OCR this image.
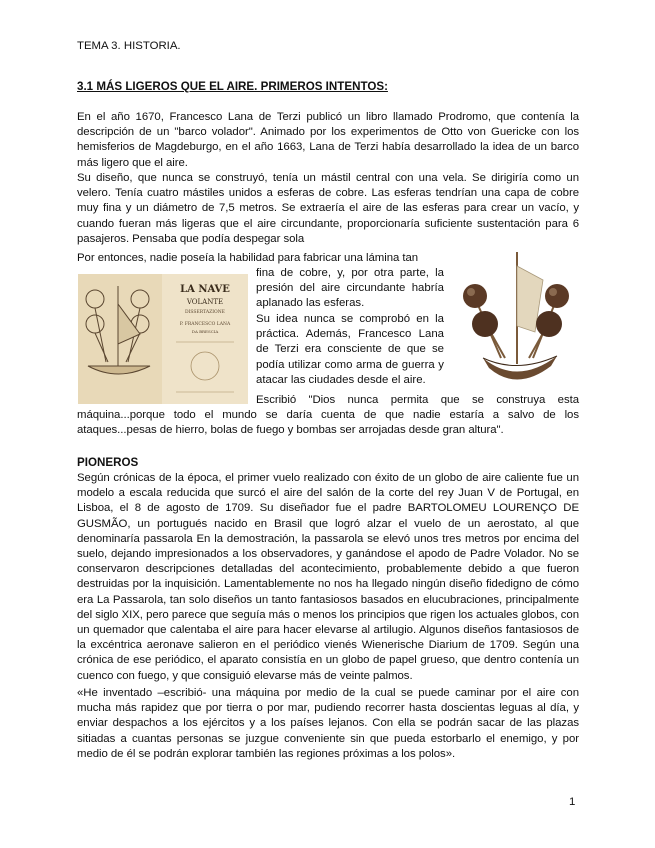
TEMA 3. HISTORIA.
3.1 MÁS LIGEROS QUE EL AIRE. PRIMEROS INTENTOS:
En el año 1670, Francesco Lana de Terzi publicó un libro llamado Prodromo, que contenía la descripción de un "barco volador". Animado por los experimentos de Otto von Guericke con los hemisferios de Magdeburgo, en el año 1663, Lana de Terzi había desarrollado la idea de un barco más ligero que el aire.
Su diseño, que nunca se construyó, tenía un mástil central con una vela. Se dirigiría como un velero. Tenía cuatro mástiles unidos a esferas de cobre. Las esferas tendrían una capa de cobre muy fina y un diámetro de 7,5 metros. Se extraería el aire de las esferas para crear un vacío, y cuando fueran más ligeras que el aire circundante, proporcionaría suficiente sustentación para 6 pasajeros. Pensaba que podía despegar sola
Por entonces, nadie poseía la habilidad para fabricar una lámina tan
LA NAVE
VOLANTE
DISSERTAZIONE
P. FRANCESCO LANA
DA BRESCIA
fina de cobre, y, por otra parte, la presión del aire circundante habría aplanado las esferas.
Su idea nunca se comprobó en la práctica. Además, Francesco Lana de Terzi era consciente de que se podía utilizar como arma de guerra y atacar las ciudades desde el aire.
Escribió "Dios nunca permita que se construya esta
máquina...porque todo el mundo se daría cuenta de que nadie estaría a salvo de los ataques...pesas de hierro, bolas de fuego y bombas ser arrojadas desde gran altura".
PIONEROS
Según crónicas de la época, el primer vuelo realizado con éxito de un globo de aire caliente fue un modelo a escala reducida que surcó el aire del salón de la corte del rey Juan V de Portugal, en Lisboa, el 8 de agosto de 1709. Su diseñador fue el padre BARTOLOMEU LOURENÇO DE GUSMÃO, un portugués nacido en Brasil que logró alzar el vuelo de un aerostato, al que denominaría passarola En la demostración, la passarola se elevó unos tres metros por encima del suelo, dejando impresionados a los observadores, y ganándose el apodo de Padre Volador. No se conservaron descripciones detalladas del acontecimiento, probablemente debido a que fueron destruidas por la inquisición. Lamentablemente no nos ha llegado ningún diseño fidedigno de cómo era La Passarola, tan solo diseños un tanto fantasiosos basados en elucubraciones, principalmente del siglo XIX, pero parece que seguía más o menos los principios que rigen los actuales globos, con un quemador que calentaba el aire para hacer elevarse al artilugio. Algunos diseños fantasiosos de la excéntrica aeronave salieron en el periódico vienés Wienerische Diarium de 1709. Según una crónica de ese periódico, el aparato consistía en un globo de papel grueso, que dentro contenía un cuenco con fuego, y que consiguió elevarse más de veinte palmos.
«He inventado –escribió- una máquina por medio de la cual se puede caminar por el aire con mucha más rapidez que por tierra o por mar, pudiendo recorrer hasta doscientas leguas al día, y enviar despachos a los ejércitos y a los países lejanos. Con ella se podrán sacar de las plazas sitiadas a cuantas personas se juzgue conveniente sin que pueda estorbarlo el enemigo, y por medio de él se podrán explorar también las regiones próximas a los polos».
1
